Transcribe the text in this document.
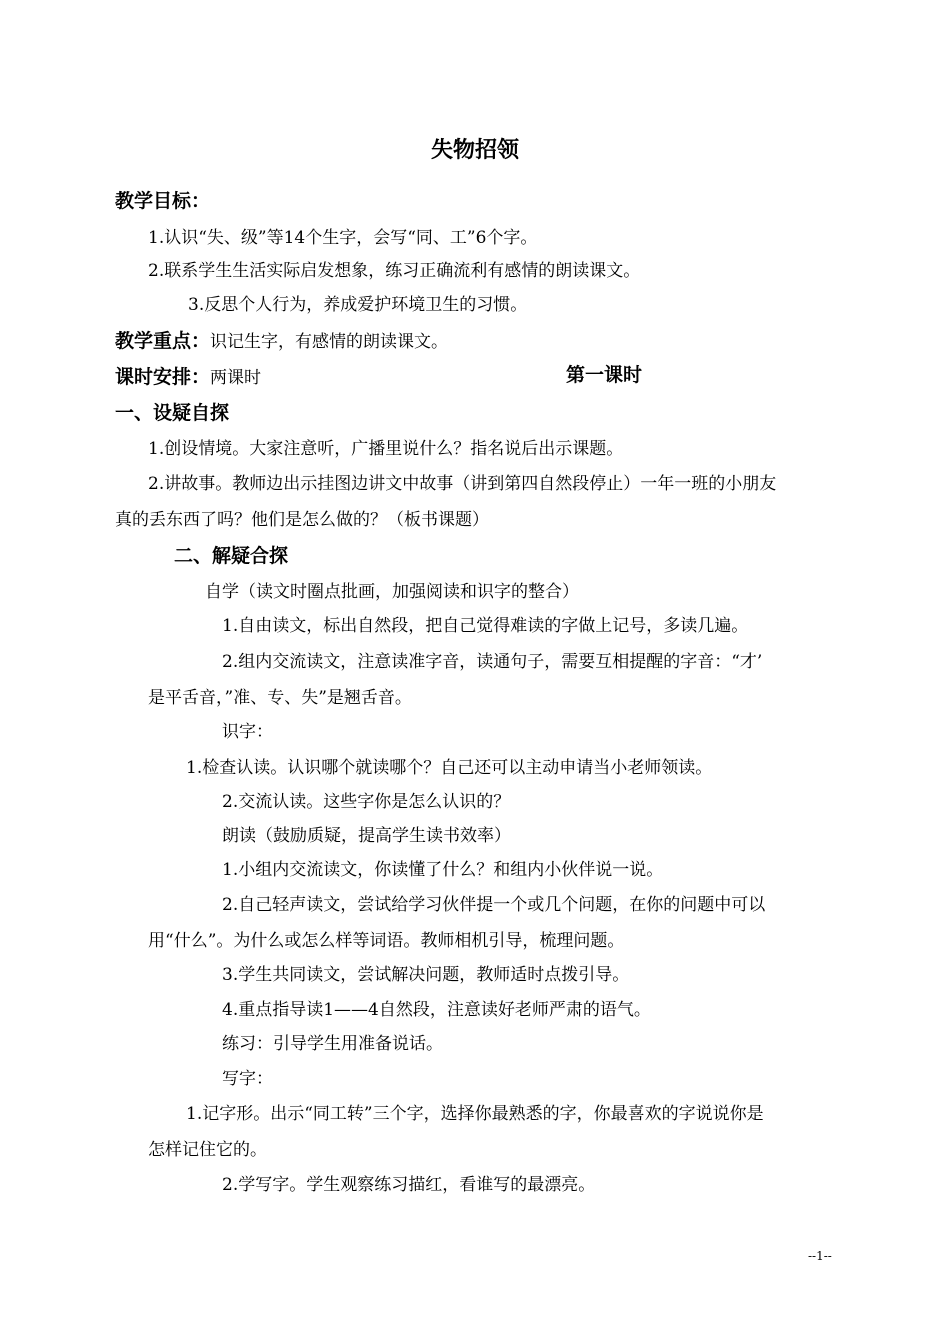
失物招领
教学目标：
1.认识“失、级”等14个生字，会写“同、工”6个字。
2.联系学生生活实际启发想象，练习正确流利有感情的朗读课文。
3.反思个人行为，养成爱护环境卫生的习惯。
教学重点：识记生字，有感情的朗读课文。
课时安排：两课时	第一课时
一、设疑自探
1.创设情境。大家注意听，广播里说什么？指名说后出示课题。
2.讲故事。教师边出示挂图边讲文中故事（讲到第四自然段停止）一年一班的小朋友
真的丢东西了吗？他们是怎么做的？（板书课题）
二、解疑合探
自学（读文时圈点批画，加强阅读和识字的整合）
1.自由读文，标出自然段，把自己觉得难读的字做上记号，多读几遍。
2.组内交流读文，注意读准字音，读通句子，需要互相提醒的字音：“才’
是平舌音，”准、专、失”是翘舌音。
识字：
1.检查认读。认识哪个就读哪个？自己还可以主动申请当小老师领读。
2.交流认读。这些字你是怎么认识的？
朗读（鼓励质疑，提高学生读书效率）
1.小组内交流读文，你读懂了什么？和组内小伙伴说一说。
2.自己轻声读文，尝试给学习伙伴提一个或几个问题，在你的问题中可以
用“什么”。为什么或怎么样等词语。教师相机引导，梳理问题。
3.学生共同读文，尝试解决问题，教师适时点拨引导。
4.重点指导读1——4自然段，注意读好老师严肃的语气。
练习：引导学生用准备说话。
写字：
1.记字形。出示“同工转”三个字，选择你最熟悉的字，你最喜欢的字说说你是
怎样记住它的。
2.学写字。学生观察练习描红，看谁写的最漂亮。
--1--
